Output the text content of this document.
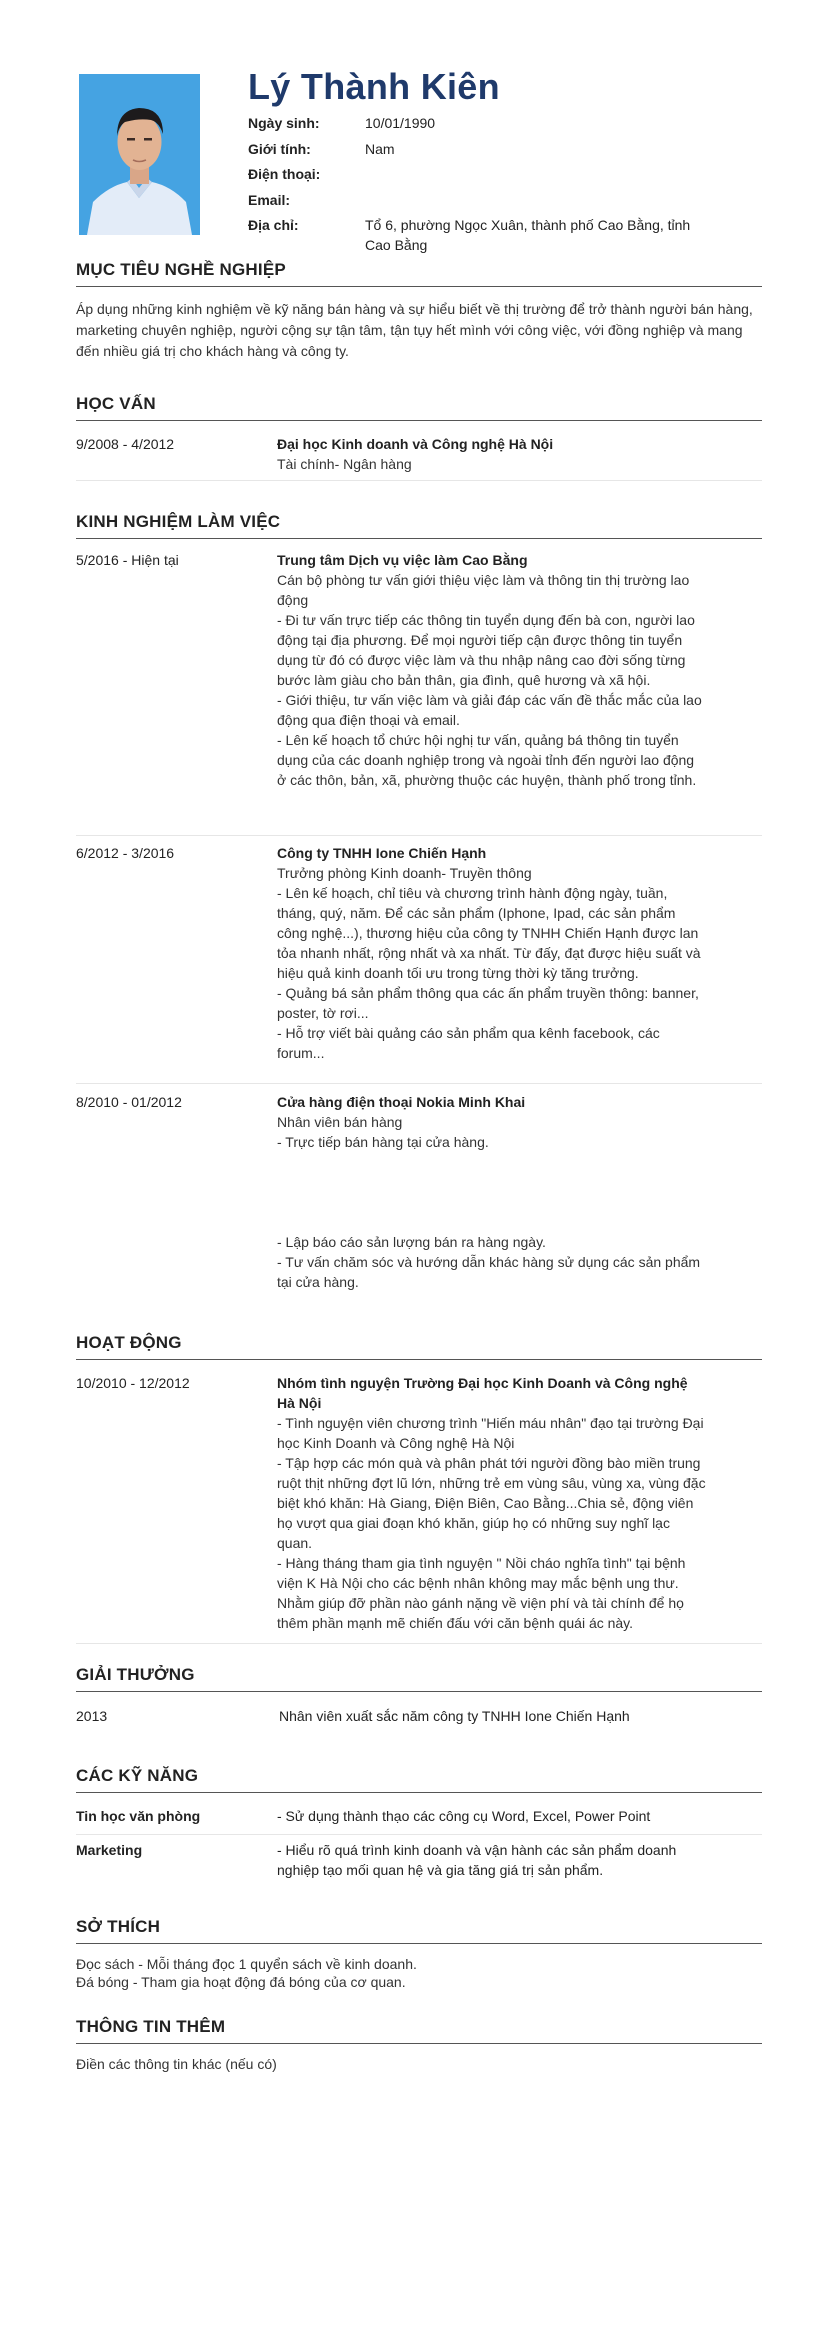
Lý Thành Kiên
Ngày sinh:	10/01/1990
Giới tính:	Nam
Điện thoại:
Email:
Địa chỉ:	Tổ 6, phường Ngọc Xuân, thành phố Cao Bằng, tỉnh Cao Bằng
MỤC TIÊU NGHỀ NGHIỆP
Áp dụng những kinh nghiệm về kỹ năng bán hàng và sự hiểu biết về thị trường để trở thành người bán hàng, marketing chuyên nghiệp, người cộng sự tận tâm, tận tụy hết mình với công việc, với đồng nghiệp và mang đến nhiều giá trị cho khách hàng và công ty.
HỌC VẤN
9/2008 - 4/2012	Đại học Kinh doanh và Công nghệ Hà Nội
Tài chính- Ngân hàng
KINH NGHIỆM LÀM VIỆC
5/2016 - Hiện tại	Trung tâm Dịch vụ việc làm Cao Bằng
Cán bộ phòng tư vấn giới thiệu việc làm và thông tin thị trường lao động
- Đi tư vấn trực tiếp các thông tin tuyển dụng đến bà con, người lao động tại địa phương. Để mọi người tiếp cận được thông tin tuyển dụng từ đó có được việc làm và thu nhập nâng cao đời sống từng bước làm giàu cho bản thân, gia đình, quê hương và xã hội.
- Giới thiệu, tư vấn việc làm và giải đáp các vấn đề thắc mắc của lao động qua điện thoại và email.
- Lên kế hoạch tổ chức hội nghị tư vấn, quảng bá thông tin tuyển dụng của các doanh nghiệp trong và ngoài tỉnh đến người lao động ở các thôn, bản, xã, phường thuộc các huyện, thành phố trong tỉnh.
6/2012 - 3/2016	Công ty TNHH Ione Chiến Hạnh
Trưởng phòng Kinh doanh- Truyền thông
- Lên kế hoạch, chỉ tiêu và chương trình hành động ngày, tuần, tháng, quý, năm. Để các sản phẩm (Iphone, Ipad, các sản phẩm công nghệ...), thương hiệu của công ty TNHH Chiến Hạnh được lan tỏa nhanh nhất, rộng nhất và xa nhất. Từ đấy, đạt được hiệu suất và hiệu quả kinh doanh tối ưu trong từng thời kỳ tăng trưởng.
- Quảng bá sản phẩm thông qua các ấn phẩm truyền thông: banner, poster, tờ rơi...
- Hỗ trợ viết bài quảng cáo sản phẩm qua kênh facebook, các forum...
8/2010 - 01/2012	Cửa hàng điện thoại Nokia Minh Khai
Nhân viên bán hàng
- Trực tiếp bán hàng tại cửa hàng.
- Lập báo cáo sản lượng bán ra hàng ngày.
- Tư vấn chăm sóc và hướng dẫn khác hàng sử dụng các sản phẩm tại cửa hàng.
HOẠT ĐỘNG
10/2010 - 12/2012	Nhóm tình nguyện Trường Đại học Kinh Doanh và Công nghệ Hà Nội
- Tình nguyện viên chương trình "Hiến máu nhân" đạo tại trường Đại học Kinh Doanh và Công nghệ Hà Nội
- Tập hợp các món quà và phân phát tới người đồng bào miền trung ruột thịt những đợt lũ lớn, những trẻ em vùng sâu, vùng xa, vùng đặc biệt khó khăn: Hà Giang, Điện Biên, Cao Bằng...Chia sẻ, động viên họ vượt qua giai đoạn khó khăn, giúp họ có những suy nghĩ lạc quan.
- Hàng tháng tham gia tình nguyện " Nồi cháo nghĩa tình" tại bệnh viện K Hà Nội cho các bệnh nhân không may mắc bệnh ung thư. Nhằm giúp đỡ phần nào gánh nặng về viện phí và tài chính để họ thêm phần mạnh mẽ chiến đấu với căn bệnh quái ác này.
GIẢI THƯỞNG
2013	Nhân viên xuất sắc năm công ty TNHH Ione Chiến Hạnh
CÁC KỸ NĂNG
Tin học văn phòng	- Sử dụng thành thạo các công cụ Word, Excel, Power Point
Marketing	- Hiểu rõ quá trình kinh doanh và vận hành các sản phẩm doanh nghiệp tạo mối quan hệ và gia tăng giá trị sản phẩm.
SỞ THÍCH
Đọc sách - Mỗi tháng đọc 1 quyển sách về kinh doanh.
Đá bóng - Tham gia hoạt động đá bóng của cơ quan.
THÔNG TIN THÊM
Điền các thông tin khác (nếu có)
